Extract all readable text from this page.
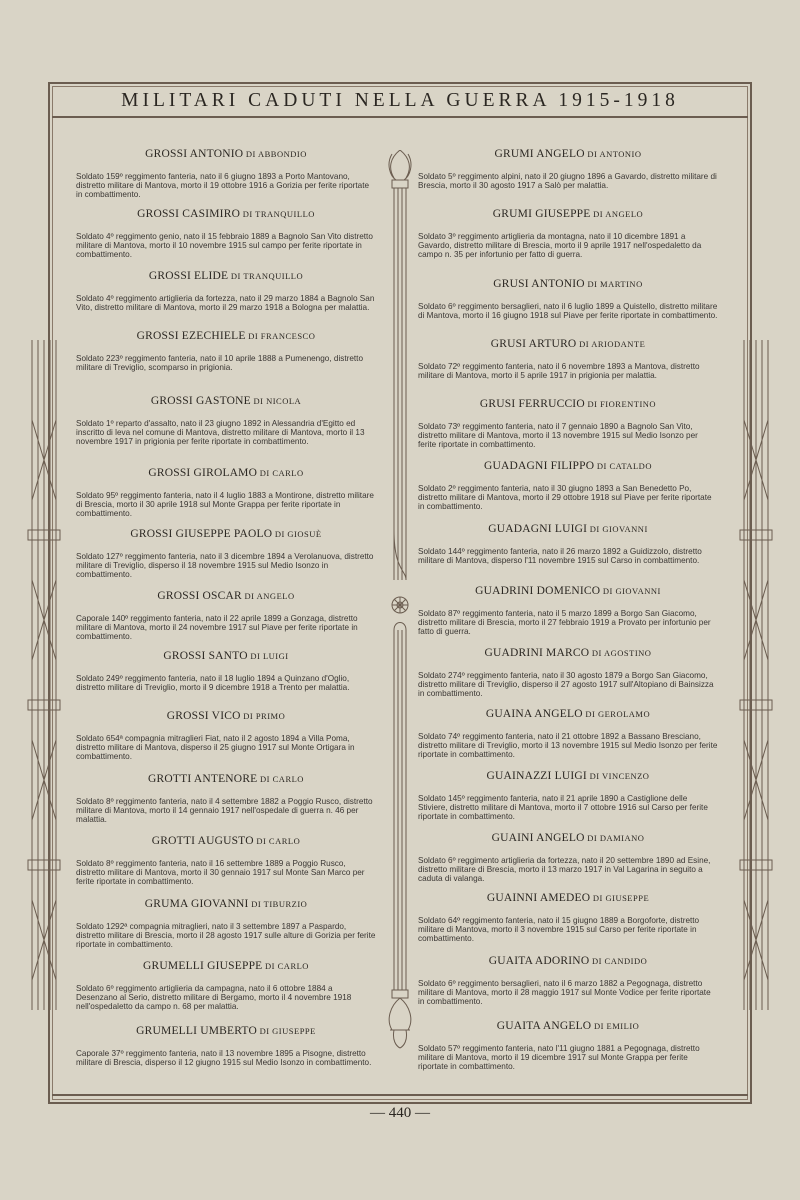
MILITARI CADUTI NELLA GUERRA 1915-1918
GROSSI ANTONIO DI ABBONDIO
Soldato 159º reggimento fanteria, nato il 6 giugno 1893 a Porto Mantovano, distretto militare di Mantova, morto il 19 ottobre 1916 a Gorizia per ferite riportate in combattimento.
GROSSI CASIMIRO DI TRANQUILLO
Soldato 4º reggimento genio, nato il 15 febbraio 1889 a Bagnolo San Vito distretto militare di Mantova, morto il 10 novembre 1915 sul campo per ferite riportate in combattimento.
GROSSI ELIDE DI TRANQUILLO
Soldato 4º reggimento artiglieria da fortezza, nato il 29 marzo 1884 a Bagnolo San Vito, distretto militare di Mantova, morto il 29 marzo 1918 a Bologna per malattia.
GROSSI EZECHIELE DI FRANCESCO
Soldato 223º reggimento fanteria, nato il 10 aprile 1888 a Pumenengo, distretto militare di Treviglio, scomparso in prigionia.
GROSSI GASTONE DI NICOLA
Soldato 1º reparto d'assalto, nato il 23 giugno 1892 in Alessandria d'Egitto ed inscritto di leva nel comune di Mantova, distretto militare di Mantova, morto il 13 novembre 1917 in prigionia per ferite riportate in combattimento.
GROSSI GIROLAMO DI CARLO
Soldato 95º reggimento fanteria, nato il 4 luglio 1883 a Montirone, distretto militare di Brescia, morto il 30 aprile 1918 sul Monte Grappa per ferite riportate in combattimento.
GROSSI GIUSEPPE PAOLO DI GIOSUÈ
Soldato 127º reggimento fanteria, nato il 3 dicembre 1894 a Verolanuova, distretto militare di Treviglio, disperso il 18 novembre 1915 sul Medio Isonzo in combattimento.
GROSSI OSCAR DI ANGELO
Caporale 140º reggimento fanteria, nato il 22 aprile 1899 a Gonzaga, distretto militare di Mantova, morto il 24 novembre 1917 sul Piave per ferite riportate in combattimento.
GROSSI SANTO DI LUIGI
Soldato 249º reggimento fanteria, nato il 18 luglio 1894 a Quinzano d'Oglio, distretto militare di Treviglio, morto il 9 dicembre 1918 a Trento per malattia.
GROSSI VICO DI PRIMO
Soldato 654ª compagnia mitraglieri Fiat, nato il 2 agosto 1894 a Villa Poma, distretto militare di Mantova, disperso il 25 giugno 1917 sul Monte Ortigara in combattimento.
GROTTI ANTENORE DI CARLO
Soldato 8º reggimento fanteria, nato il 4 settembre 1882 a Poggio Rusco, distretto militare di Mantova, morto il 14 gennaio 1917 nell'ospedale di guerra n. 46 per malattia.
GROTTI AUGUSTO DI CARLO
Soldato 8º reggimento fanteria, nato il 16 settembre 1889 a Poggio Rusco, distretto militare di Mantova, morto il 30 gennaio 1917 sul Monte San Marco per ferite riportate in combattimento.
GRUMA GIOVANNI DI TIBURZIO
Soldato 1292ª compagnia mitraglieri, nato il 3 settembre 1897 a Paspardo, distretto militare di Brescia, morto il 28 agosto 1917 sulle alture di Gorizia per ferite riportate in combattimento.
GRUMELLI GIUSEPPE DI CARLO
Soldato 6º reggimento artiglieria da campagna, nato il 6 ottobre 1884 a Desenzano al Serio, distretto militare di Bergamo, morto il 4 novembre 1918 nell'ospedaletto da campo n. 68 per malattia.
GRUMELLI UMBERTO DI GIUSEPPE
Caporale 37º reggimento fanteria, nato il 13 novembre 1895 a Pisogne, distretto militare di Brescia, disperso il 12 giugno 1915 sul Medio Isonzo in combattimento.
GRUMI ANGELO DI ANTONIO
Soldato 5º reggimento alpini, nato il 20 giugno 1896 a Gavardo, distretto militare di Brescia, morto il 30 agosto 1917 a Salò per malattia.
GRUMI GIUSEPPE DI ANGELO
Soldato 3º reggimento artiglieria da montagna, nato il 10 dicembre 1891 a Gavardo, distretto militare di Brescia, morto il 9 aprile 1917 nell'ospedaletto da campo n. 35 per infortunio per fatto di guerra.
GRUSI ANTONIO DI MARTINO
Soldato 6º reggimento bersaglieri, nato il 6 luglio 1899 a Quistello, distretto militare di Mantova, morto il 16 giugno 1918 sul Piave per ferite riportate in combattimento.
GRUSI ARTURO DI ARIODANTE
Soldato 72º reggimento fanteria, nato il 6 novembre 1893 a Mantova, distretto militare di Mantova, morto il 5 aprile 1917 in prigionia per malattia.
GRUSI FERRUCCIO DI FIORENTINO
Soldato 73º reggimento fanteria, nato il 7 gennaio 1890 a Bagnolo San Vito, distretto militare di Mantova, morto il 13 novembre 1915 sul Medio Isonzo per ferite riportate in combattimento.
GUADAGNI FILIPPO DI CATALDO
Soldato 2º reggimento fanteria, nato il 30 giugno 1893 a San Benedetto Po, distretto militare di Mantova, morto il 29 ottobre 1918 sul Piave per ferite riportate in combattimento.
GUADAGNI LUIGI DI GIOVANNI
Soldato 144º reggimento fanteria, nato il 26 marzo 1892 a Guidizzolo, distretto militare di Mantova, disperso l'11 novembre 1915 sul Carso in combattimento.
GUADRINI DOMENICO DI GIOVANNI
Soldato 87º reggimento fanteria, nato il 5 marzo 1899 a Borgo San Giacomo, distretto militare di Brescia, morto il 27 febbraio 1919 a Provato per infortunio per fatto di guerra.
GUADRINI MARCO DI AGOSTINO
Soldato 274º reggimento fanteria, nato il 30 agosto 1879 a Borgo San Giacomo, distretto militare di Treviglio, disperso il 27 agosto 1917 sull'Altopiano di Bainsizza in combattimento.
GUAINA ANGELO DI GEROLAMO
Soldato 74º reggimento fanteria, nato il 21 ottobre 1892 a Bassano Bresciano, distretto militare di Treviglio, morto il 13 novembre 1915 sul Medio Isonzo per ferite riportate in combattimento.
GUAINAZZI LUIGI DI VINCENZO
Soldato 145º reggimento fanteria, nato il 21 aprile 1890 a Castiglione delle Stiviere, distretto militare di Mantova, morto il 7 ottobre 1916 sul Carso per ferite riportate in combattimento.
GUAINI ANGELO DI DAMIANO
Soldato 6º reggimento artiglieria da fortezza, nato il 20 settembre 1890 ad Esine, distretto militare di Brescia, morto il 13 marzo 1917 in Val Lagarina in seguito a caduta di valanga.
GUAINNI AMEDEO DI GIUSEPPE
Soldato 64º reggimento fanteria, nato il 15 giugno 1889 a Borgoforte, distretto militare di Mantova, morto il 3 novembre 1915 sul Carso per ferite riportate in combattimento.
GUAITA ADORINO DI CANDIDO
Soldato 6º reggimento bersaglieri, nato il 6 marzo 1882 a Pegognaga, distretto militare di Mantova, morto il 28 maggio 1917 sul Monte Vodice per ferite riportate in combattimento.
GUAITA ANGELO DI EMILIO
Soldato 57º reggimento fanteria, nato l'11 giugno 1881 a Pegognaga, distretto militare di Mantova, morto il 19 dicembre 1917 sul Monte Grappa per ferite riportate in combattimento.
— 440 —
